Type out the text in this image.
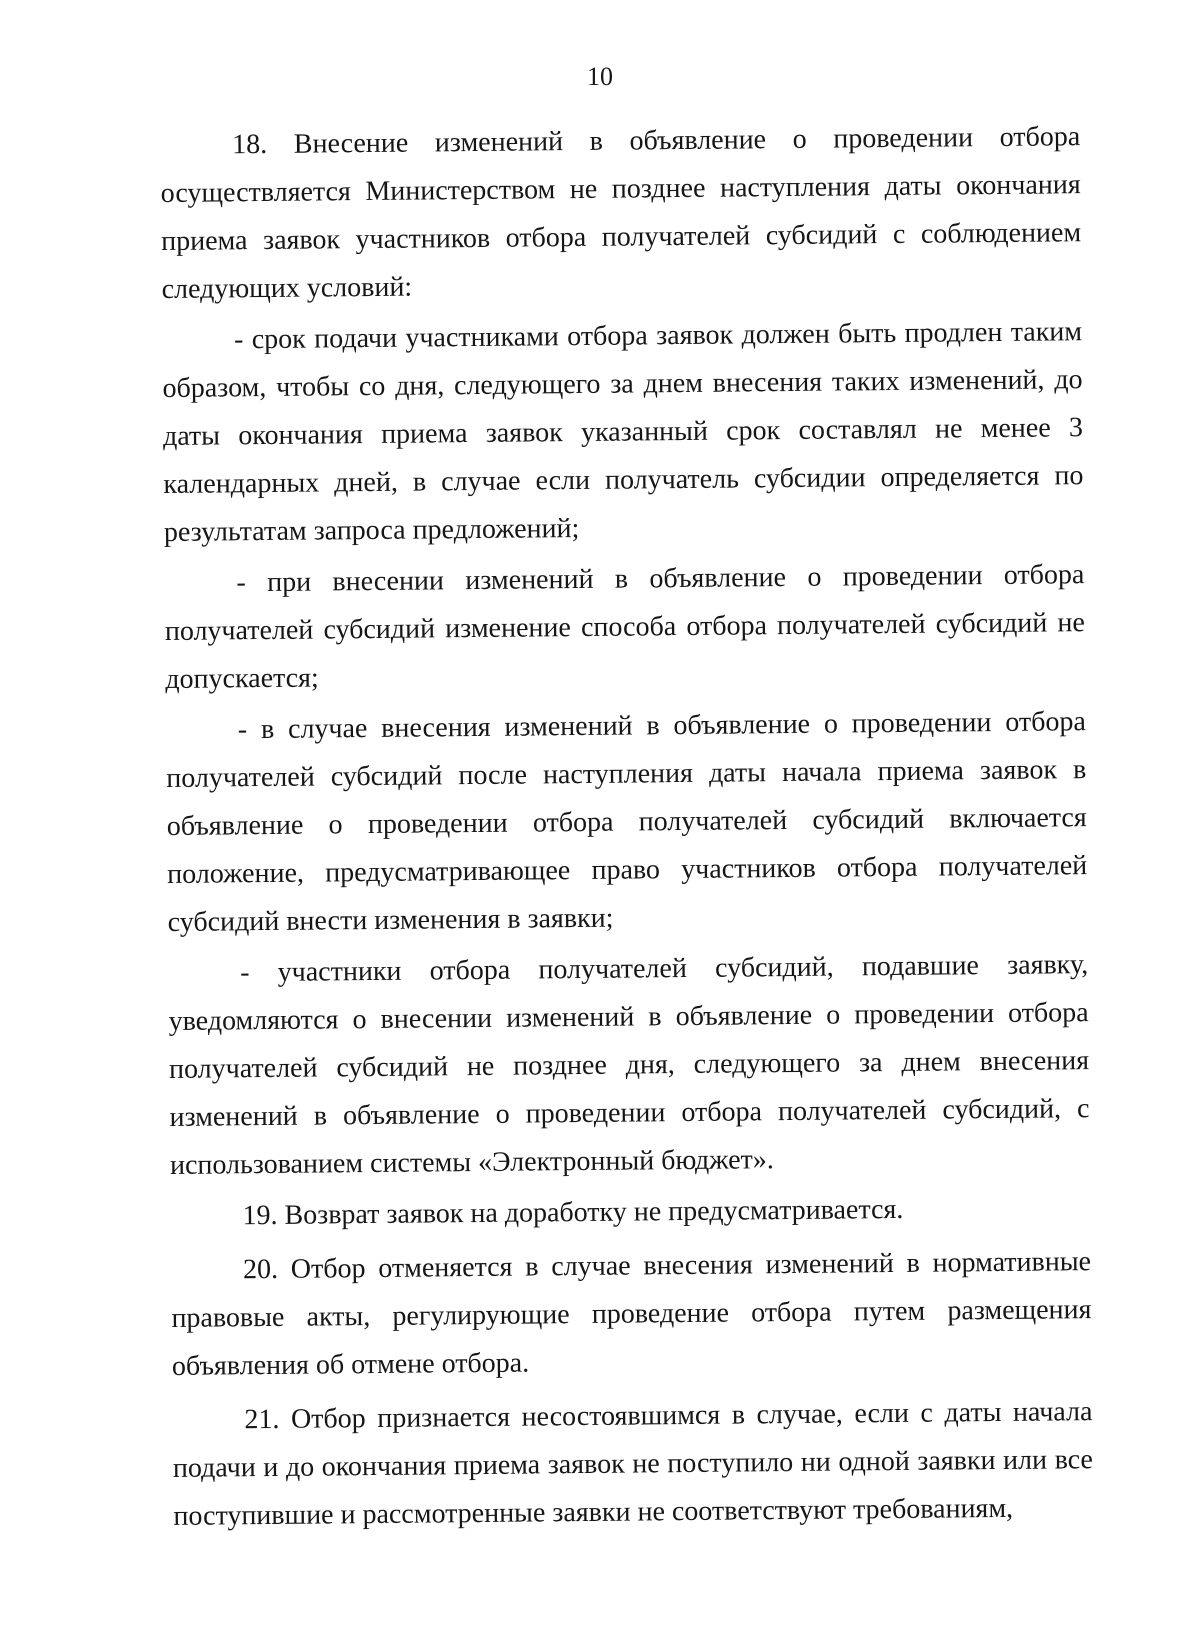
10

18. Внесение изменений в объявление о проведении отбора осуществляется Министерством не позднее наступления даты окончания приема заявок участников отбора получателей субсидий с соблюдением следующих условий:

- срок подачи участниками отбора заявок должен быть продлен таким образом, чтобы со дня, следующего за днем внесения таких изменений, до даты окончания приема заявок указанный срок составлял не менее 3 календарных дней, в случае если получатель субсидии определяется по результатам запроса предложений;

- при внесении изменений в объявление о проведении отбора получателей субсидий изменение способа отбора получателей субсидий не допускается;

- в случае внесения изменений в объявление о проведении отбора получателей субсидий после наступления даты начала приема заявок в объявление о проведении отбора получателей субсидий включается положение, предусматривающее право участников отбора получателей субсидий внести изменения в заявки;

- участники отбора получателей субсидий, подавшие заявку, уведомляются о внесении изменений в объявление о проведении отбора получателей субсидий не позднее дня, следующего за днем внесения изменений в объявление о проведении отбора получателей субсидий, с использованием системы «Электронный бюджет».

19. Возврат заявок на доработку не предусматривается.

20. Отбор отменяется в случае внесения изменений в нормативные правовые акты, регулирующие проведение отбора путем размещения объявления об отмене отбора.

21. Отбор признается несостоявшимся в случае, если с даты начала подачи и до окончания приема заявок не поступило ни одной заявки или все поступившие и рассмотренные заявки не соответствуют требованиям,
